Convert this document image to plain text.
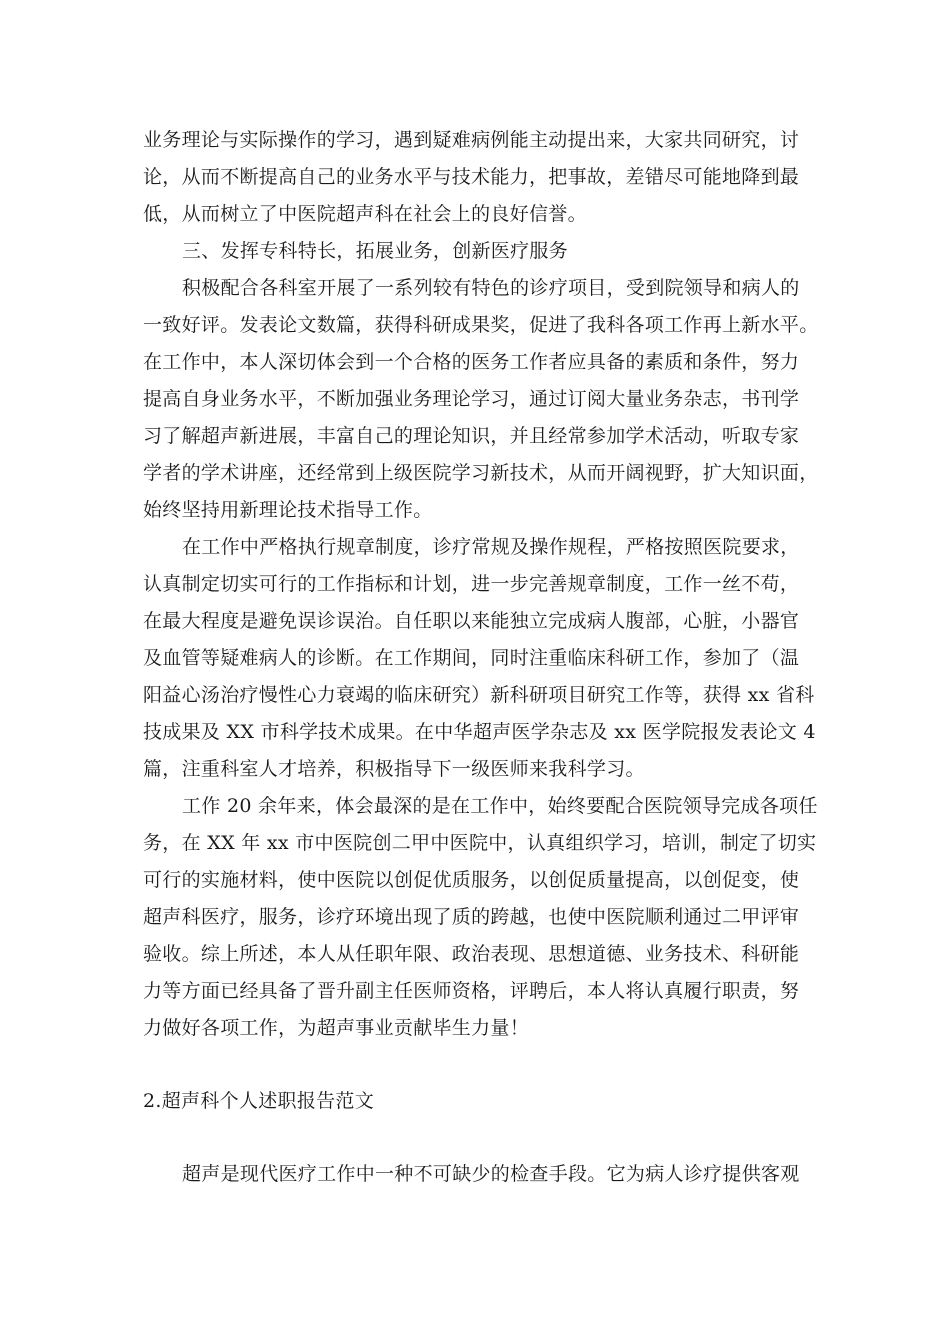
业务理论与实际操作的学习，遇到疑难病例能主动提出来，大家共同研究，讨
论，从而不断提高自己的业务水平与技术能力，把事故，差错尽可能地降到最
低，从而树立了中医院超声科在社会上的良好信誉。
三、发挥专科特长，拓展业务，创新医疗服务
积极配合各科室开展了一系列较有特色的诊疗项目，受到院领导和病人的
一致好评。发表论文数篇，获得科研成果奖，促进了我科各项工作再上新水平。
在工作中，本人深切体会到一个合格的医务工作者应具备的素质和条件，努力
提高自身业务水平，不断加强业务理论学习，通过订阅大量业务杂志，书刊学
习了解超声新进展，丰富自己的理论知识，并且经常参加学术活动，听取专家
学者的学术讲座，还经常到上级医院学习新技术，从而开阔视野，扩大知识面，
始终坚持用新理论技术指导工作。
在工作中严格执行规章制度，诊疗常规及操作规程，严格按照医院要求，
认真制定切实可行的工作指标和计划，进一步完善规章制度，工作一丝不苟，
在最大程度是避免误诊误治。自任职以来能独立完成病人腹部，心脏，小器官
及血管等疑难病人的诊断。在工作期间，同时注重临床科研工作，参加了（温
阳益心汤治疗慢性心力衰竭的临床研究）新科研项目研究工作等，获得 xx 省科
技成果及 XX 市科学技术成果。在中华超声医学杂志及 xx 医学院报发表论文 4
篇，注重科室人才培养，积极指导下一级医师来我科学习。
工作 20 余年来，体会最深的是在工作中，始终要配合医院领导完成各项任
务，在 XX 年 xx 市中医院创二甲中医院中，认真组织学习，培训，制定了切实
可行的实施材料，使中医院以创促优质服务，以创促质量提高，以创促变，使
超声科医疗，服务，诊疗环境出现了质的跨越，也使中医院顺利通过二甲评审
验收。综上所述，本人从任职年限、政治表现、思想道德、业务技术、科研能
力等方面已经具备了晋升副主任医师资格，评聘后，本人将认真履行职责，努
力做好各项工作，为超声事业贡献毕生力量！
2.超声科个人述职报告范文
超声是现代医疗工作中一种不可缺少的检查手段。它为病人诊疗提供客观
